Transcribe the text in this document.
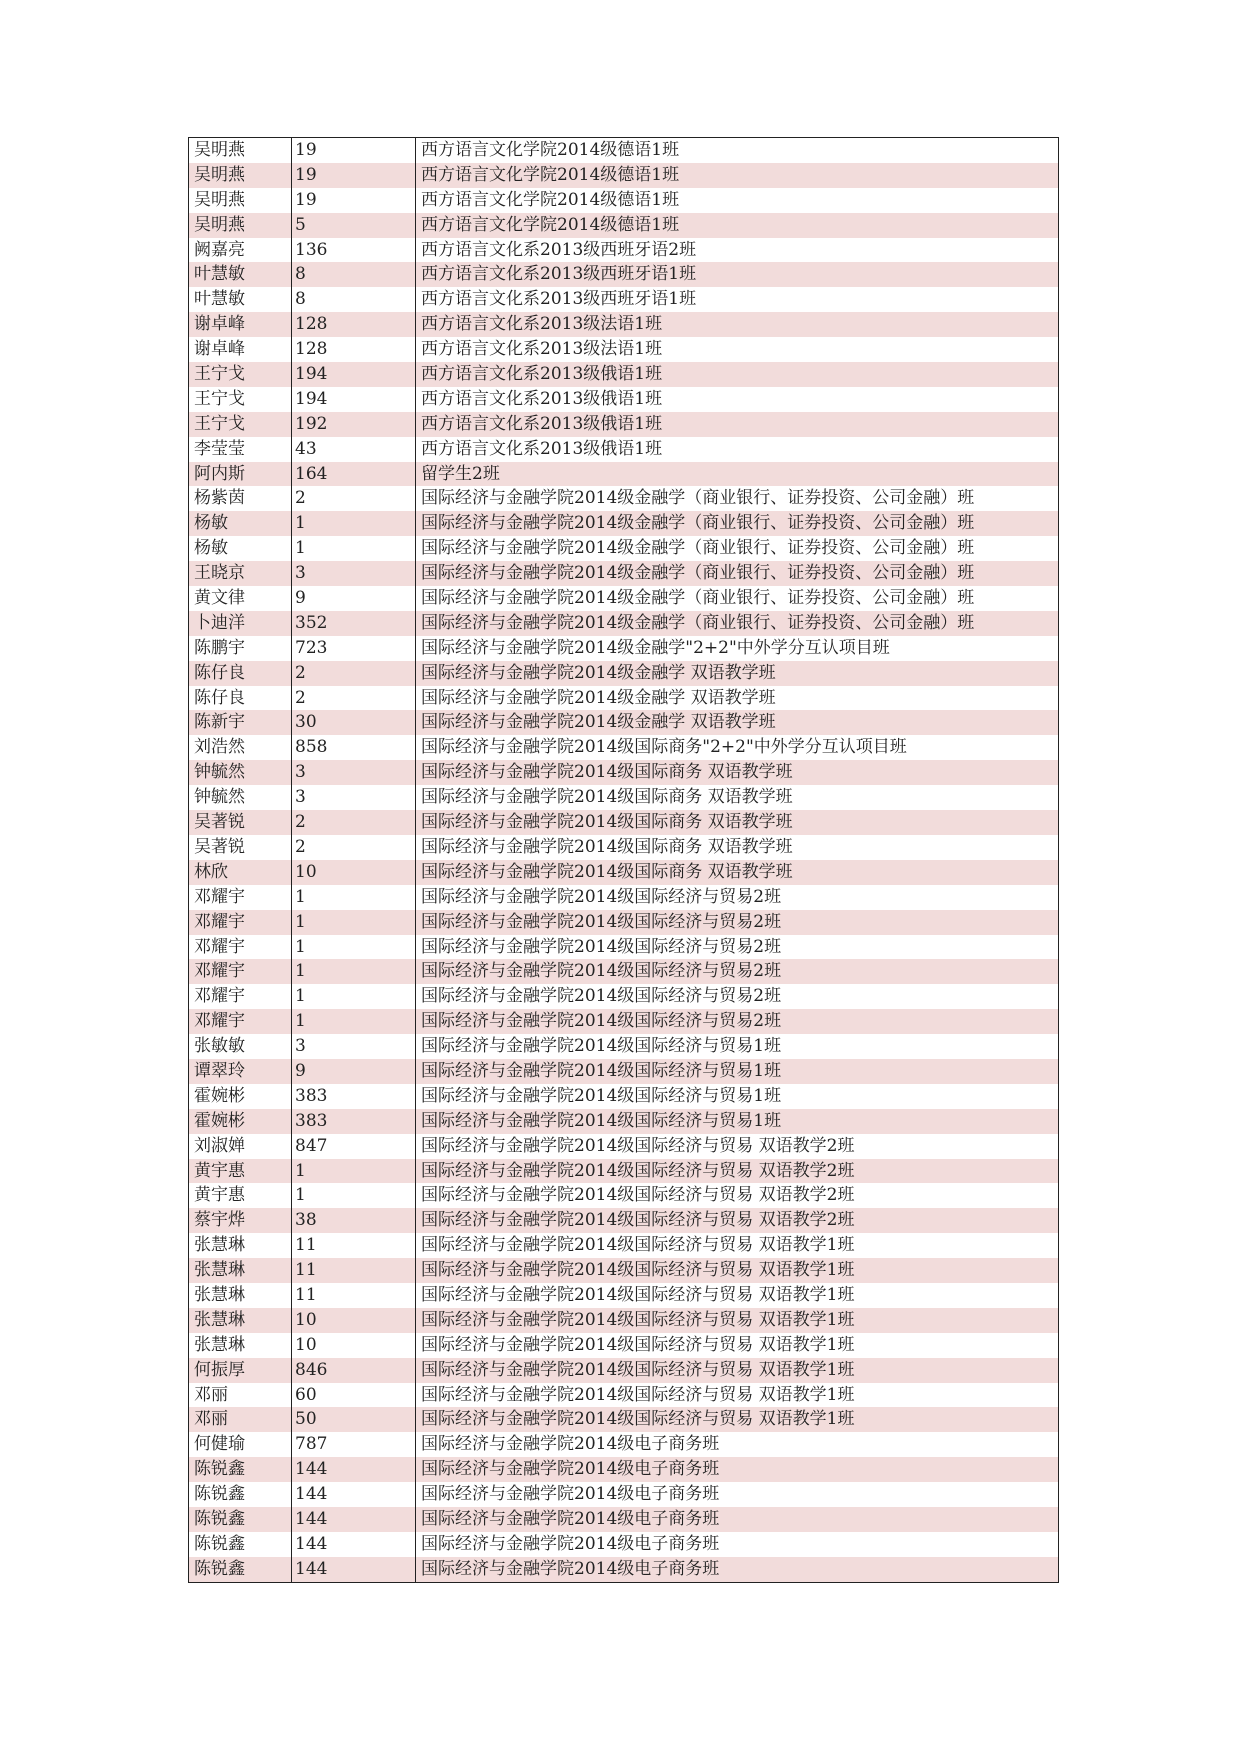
吴明燕	19	西方语言文化学院2014级德语1班
吴明燕	19	西方语言文化学院2014级德语1班
吴明燕	19	西方语言文化学院2014级德语1班
吴明燕	5	西方语言文化学院2014级德语1班
阙嘉亮	136	西方语言文化系2013级西班牙语2班
叶慧敏	8	西方语言文化系2013级西班牙语1班
叶慧敏	8	西方语言文化系2013级西班牙语1班
谢卓峰	128	西方语言文化系2013级法语1班
谢卓峰	128	西方语言文化系2013级法语1班
王宁戈	194	西方语言文化系2013级俄语1班
王宁戈	194	西方语言文化系2013级俄语1班
王宁戈	192	西方语言文化系2013级俄语1班
李莹莹	43	西方语言文化系2013级俄语1班
阿内斯	164	留学生2班
杨紫茵	2	国际经济与金融学院2014级金融学（商业银行、证券投资、公司金融）班
杨敏	1	国际经济与金融学院2014级金融学（商业银行、证券投资、公司金融）班
杨敏	1	国际经济与金融学院2014级金融学（商业银行、证券投资、公司金融）班
王晓京	3	国际经济与金融学院2014级金融学（商业银行、证券投资、公司金融）班
黄文律	9	国际经济与金融学院2014级金融学（商业银行、证券投资、公司金融）班
卜迪洋	352	国际经济与金融学院2014级金融学（商业银行、证券投资、公司金融）班
陈鹏宇	723	国际经济与金融学院2014级金融学"2+2"中外学分互认项目班
陈仔良	2	国际经济与金融学院2014级金融学 双语教学班
陈仔良	2	国际经济与金融学院2014级金融学 双语教学班
陈新宇	30	国际经济与金融学院2014级金融学 双语教学班
刘浩然	858	国际经济与金融学院2014级国际商务"2+2"中外学分互认项目班
钟毓然	3	国际经济与金融学院2014级国际商务 双语教学班
钟毓然	3	国际经济与金融学院2014级国际商务 双语教学班
吴著锐	2	国际经济与金融学院2014级国际商务 双语教学班
吴著锐	2	国际经济与金融学院2014级国际商务 双语教学班
林欣	10	国际经济与金融学院2014级国际商务 双语教学班
邓耀宇	1	国际经济与金融学院2014级国际经济与贸易2班
邓耀宇	1	国际经济与金融学院2014级国际经济与贸易2班
邓耀宇	1	国际经济与金融学院2014级国际经济与贸易2班
邓耀宇	1	国际经济与金融学院2014级国际经济与贸易2班
邓耀宇	1	国际经济与金融学院2014级国际经济与贸易2班
邓耀宇	1	国际经济与金融学院2014级国际经济与贸易2班
张敏敏	3	国际经济与金融学院2014级国际经济与贸易1班
谭翠玲	9	国际经济与金融学院2014级国际经济与贸易1班
霍婉彬	383	国际经济与金融学院2014级国际经济与贸易1班
霍婉彬	383	国际经济与金融学院2014级国际经济与贸易1班
刘淑婵	847	国际经济与金融学院2014级国际经济与贸易 双语教学2班
黄宇惠	1	国际经济与金融学院2014级国际经济与贸易 双语教学2班
黄宇惠	1	国际经济与金融学院2014级国际经济与贸易 双语教学2班
蔡宇烨	38	国际经济与金融学院2014级国际经济与贸易 双语教学2班
张慧琳	11	国际经济与金融学院2014级国际经济与贸易 双语教学1班
张慧琳	11	国际经济与金融学院2014级国际经济与贸易 双语教学1班
张慧琳	11	国际经济与金融学院2014级国际经济与贸易 双语教学1班
张慧琳	10	国际经济与金融学院2014级国际经济与贸易 双语教学1班
张慧琳	10	国际经济与金融学院2014级国际经济与贸易 双语教学1班
何振厚	846	国际经济与金融学院2014级国际经济与贸易 双语教学1班
邓丽	60	国际经济与金融学院2014级国际经济与贸易 双语教学1班
邓丽	50	国际经济与金融学院2014级国际经济与贸易 双语教学1班
何健瑜	787	国际经济与金融学院2014级电子商务班
陈锐鑫	144	国际经济与金融学院2014级电子商务班
陈锐鑫	144	国际经济与金融学院2014级电子商务班
陈锐鑫	144	国际经济与金融学院2014级电子商务班
陈锐鑫	144	国际经济与金融学院2014级电子商务班
陈锐鑫	144	国际经济与金融学院2014级电子商务班
